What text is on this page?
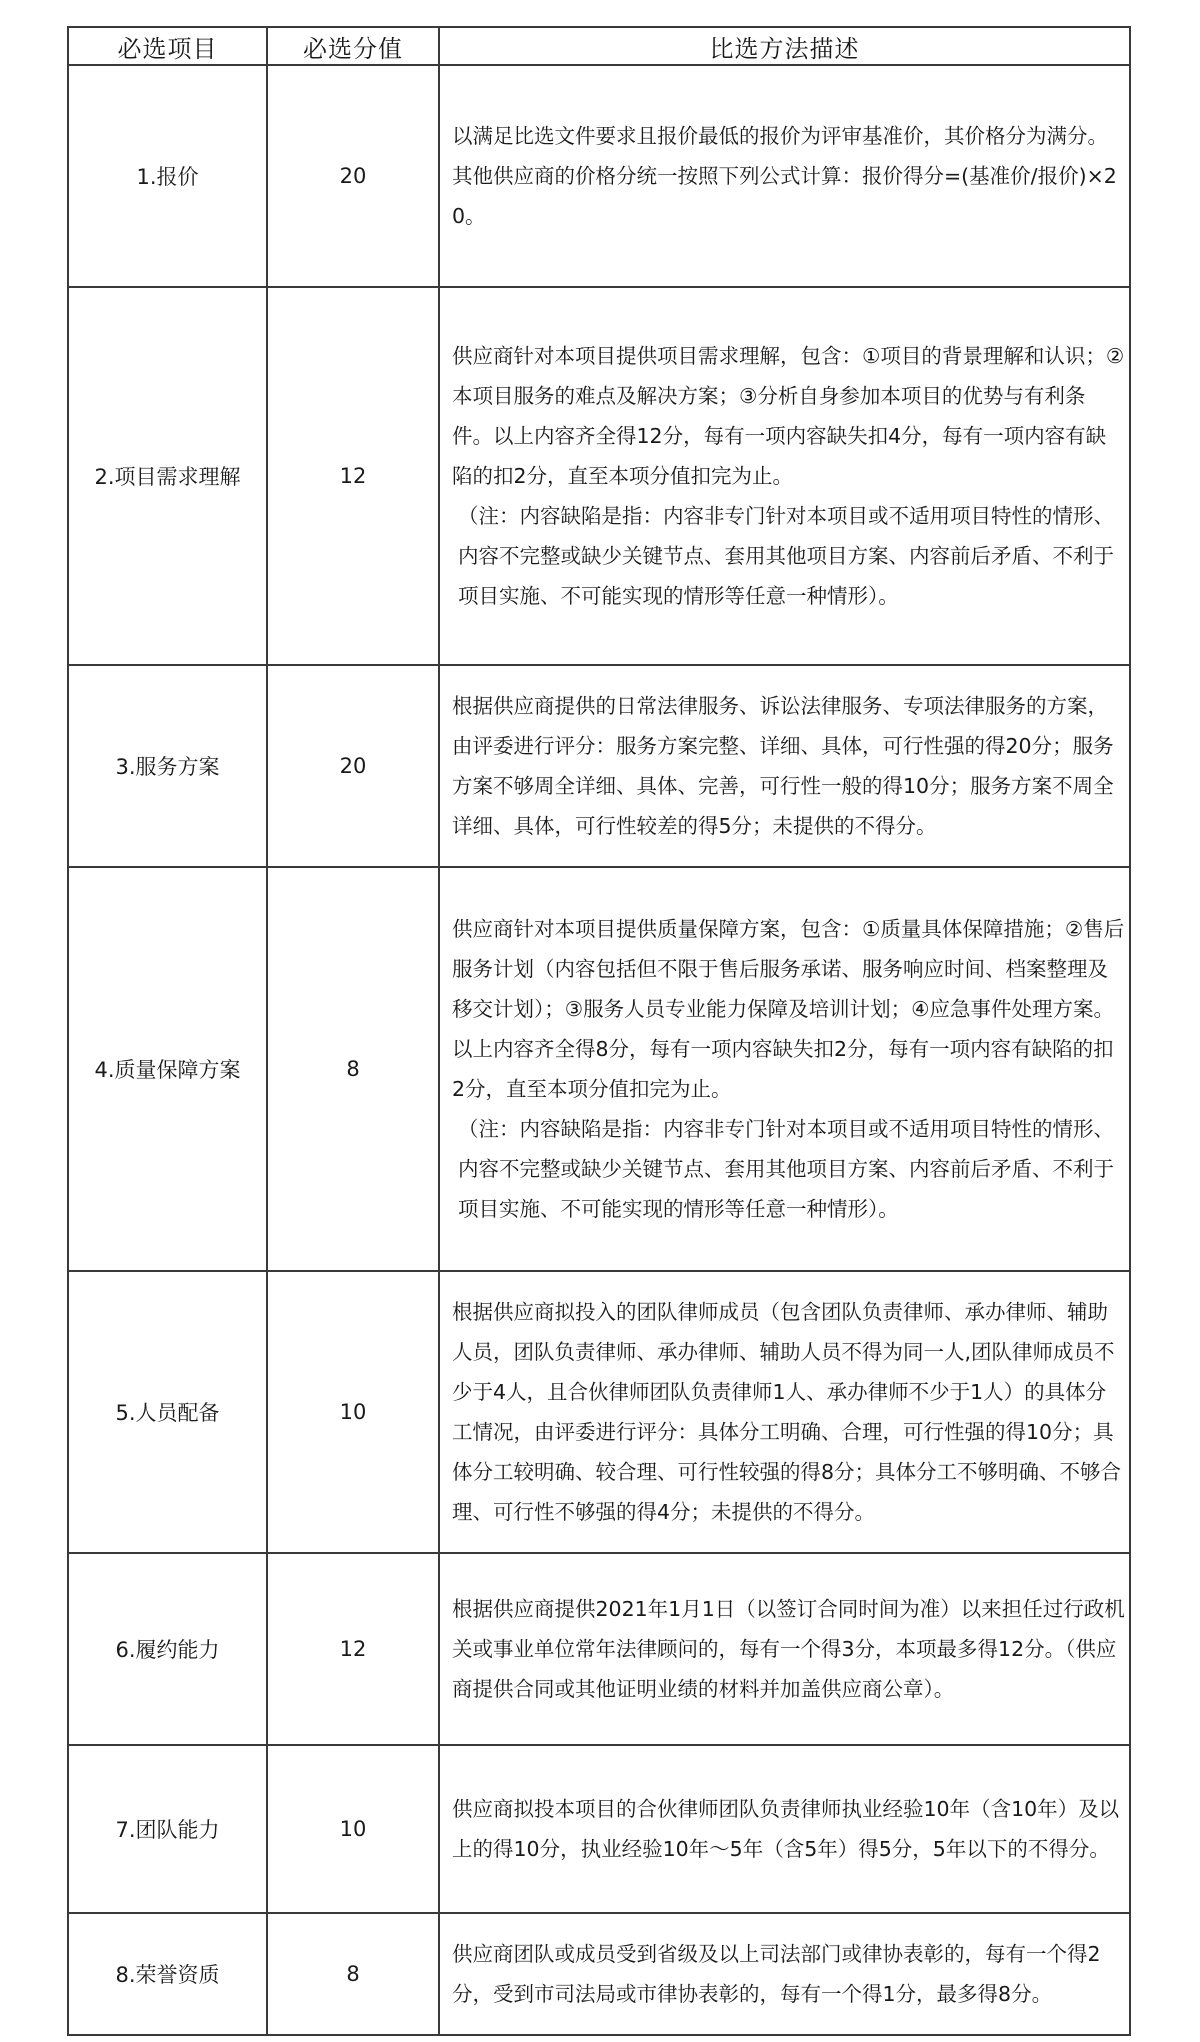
必选项目	必选分值	比选方法描述
1.报价	20	以满足比选文件要求且报价最低的报价为评审基准价，其价格分为满分。其他供应商的价格分统一按照下列公式计算：报价得分=(基准价/报价)×20。
2.项目需求理解	12	供应商针对本项目提供项目需求理解，包含：①项目的背景理解和认识；②本项目服务的难点及解决方案；③分析自身参加本项目的优势与有利条件。以上内容齐全得12分，每有一项内容缺失扣4分，每有一项内容有缺陷的扣2分，直至本项分值扣完为止。
（注：内容缺陷是指：内容非专门针对本项目或不适用项目特性的情形、内容不完整或缺少关键节点、套用其他项目方案、内容前后矛盾、不利于项目实施、不可能实现的情形等任意一种情形）。

3.服务方案	20	根据供应商提供的日常法律服务、诉讼法律服务、专项法律服务的方案，由评委进行评分：服务方案完整、详细、具体，可行性强的得20分；服务方案不够周全详细、具体、完善，可行性一般的得10分；服务方案不周全详细、具体，可行性较差的得5分；未提供的不得分。
4.质量保障方案	8	供应商针对本项目提供质量保障方案，包含：①质量具体保障措施；②售后服务计划（内容包括但不限于售后服务承诺、服务响应时间、档案整理及移交计划）；③服务人员专业能力保障及培训计划；④应急事件处理方案。以上内容齐全得8分，每有一项内容缺失扣2分，每有一项内容有缺陷的扣2分，直至本项分值扣完为止。
（注：内容缺陷是指：内容非专门针对本项目或不适用项目特性的情形、内容不完整或缺少关键节点、套用其他项目方案、内容前后矛盾、不利于项目实施、不可能实现的情形等任意一种情形）。

5.人员配备	10	根据供应商拟投入的团队律师成员（包含团队负责律师、承办律师、辅助人员，团队负责律师、承办律师、辅助人员不得为同一人,团队律师成员不少于4人，且合伙律师团队负责律师1人、承办律师不少于1人）的具体分工情况，由评委进行评分：具体分工明确、合理，可行性强的得10分；具体分工较明确、较合理、可行性较强的得8分；具体分工不够明确、不够合理、可行性不够强的得4分；未提供的不得分。
6.履约能力	12	根据供应商提供2021年1月1日（以签订合同时间为准）以来担任过行政机关或事业单位常年法律顾问的，每有一个得3分，本项最多得12分。（供应商提供合同或其他证明业绩的材料并加盖供应商公章）。
7.团队能力	10	供应商拟投本项目的合伙律师团队负责律师执业经验10年（含10年）及以上的得10分，执业经验10年～5年（含5年）得5分，5年以下的不得分。
8.荣誉资质	8	供应商团队或成员受到省级及以上司法部门或律协表彰的，每有一个得2分，受到市司法局或市律协表彰的，每有一个得1分，最多得8分。
